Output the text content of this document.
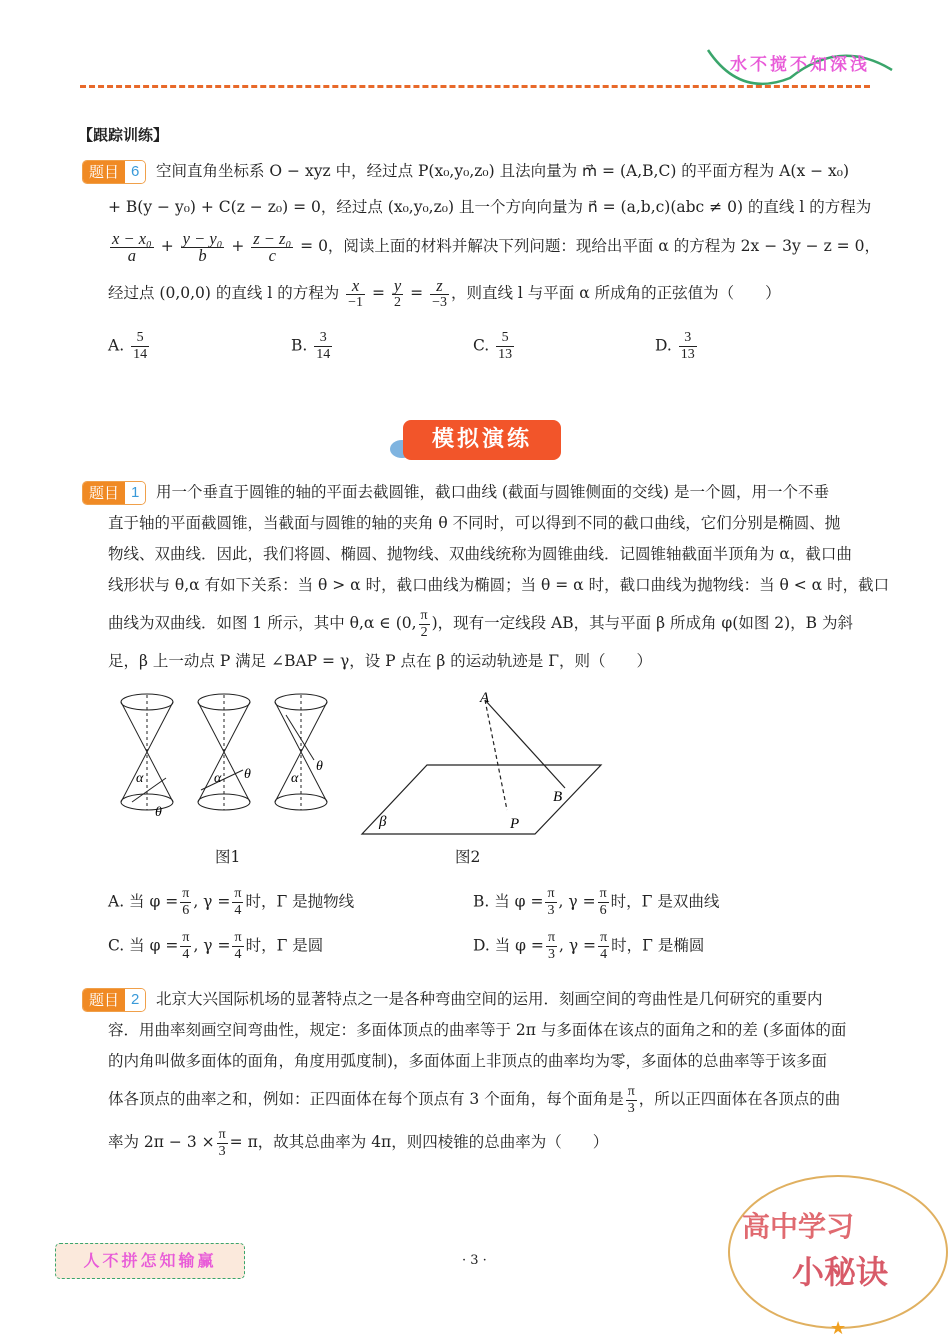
水不搅不知深浅
【跟踪训练】
题目 6	空间直角坐标系 O − xyz 中，经过点 P(x₀,y₀,z₀) 且法向量为 m⃗ = (A,B,C) 的平面方程为 A(x − x₀)
+ B(y − y₀) + C(z − z₀) = 0，经过点 (x₀,y₀,z₀) 且一个方向向量为 n⃗ = (a,b,c)(abc ≠ 0) 的直线 l 的方程为
$\frac{\text{x − x₀}}{a} + \frac{\text{y − y₀}}{b} + \frac{\text{z − z₀}}{c} = 0$，阅读上面的材料并解决下列问题：现给出平面 α 的方程为 2x − 3y − z = 0，
经过点 (0,0,0) 的直线 l 的方程为 $\frac{x}{-1} = \frac{y}{2} = \frac{z}{-3}$ ，则直线 l 与平面 α 所成角的正弦值为（　　）
A. $\frac{5}{14}$	B. $\frac{3}{14}$	C. $\frac{5}{13}$	D. $\frac{3}{13}$
模拟演练
题目 1	用一个垂直于圆锥的轴的平面去截圆锥，截口曲线 (截面与圆锥侧面的交线) 是一个圆，用一个不垂
直于轴的平面截圆锥，当截面与圆锥的轴的夹角 θ 不同时，可以得到不同的截口曲线，它们分别是椭圆、抛
物线、双曲线．因此，我们将圆、椭圆、抛物线、双曲线统称为圆锥曲线．记圆锥轴截面半顶角为 α，截口曲
线形状与 θ,α 有如下关系：当 θ > α 时，截口曲线为椭圆；当 θ = α 时，截口曲线为抛物线：当 θ < α 时，截口
曲线为双曲线．如图 1 所示，其中 θ,α ∈ (0, $\frac{\pi}{2}$ )，现有一定线段 AB，其与平面 β 所成角 φ(如图 2)，B 为斜
足，β 上一动点 P 满足 ∠BAP = γ，设 P 点在 β 的运动轨迹是 Γ，则（　　）
α
θ
α θ	α
θ
A
B
P
β
图1	图2
A. 当 $\varphi = \frac{\pi}{6}$ , $\gamma = \frac{\pi}{4}$ 时，Γ 是抛物线	B. 当 $\varphi = \frac{\pi}{3}$ , $\gamma = \frac{\pi}{6}$ 时，Γ 是双曲线
C. 当 $\varphi = \frac{\pi}{4}$ , $\gamma = \frac{\pi}{4}$ 时，Γ 是圆	D. 当 $\varphi = \frac{\pi}{3}$ , $\gamma = \frac{\pi}{4}$ 时，Γ 是椭圆
题目 2	北京大兴国际机场的显著特点之一是各种弯曲空间的运用．刻画空间的弯曲性是几何研究的重要内
容．用曲率刻画空间弯曲性，规定：多面体顶点的曲率等于 2π 与多面体在该点的面角之和的差 (多面体的面
的内角叫做多面体的面角，角度用弧度制)，多面体面上非顶点的曲率均为零，多面体的总曲率等于该多面
体各顶点的曲率之和，例如：正四面体在每个顶点有 3 个面角，每个面角是 $\frac{\pi}{3}$ ，所以正四面体在各顶点的曲
率为 $2\pi - 3 \times \frac{\pi}{3} = \pi$，故其总曲率为 4π，则四棱锥的总曲率为（　　）
人不拼怎知输赢	· 3 ·
高中学习
小秘诀
★
